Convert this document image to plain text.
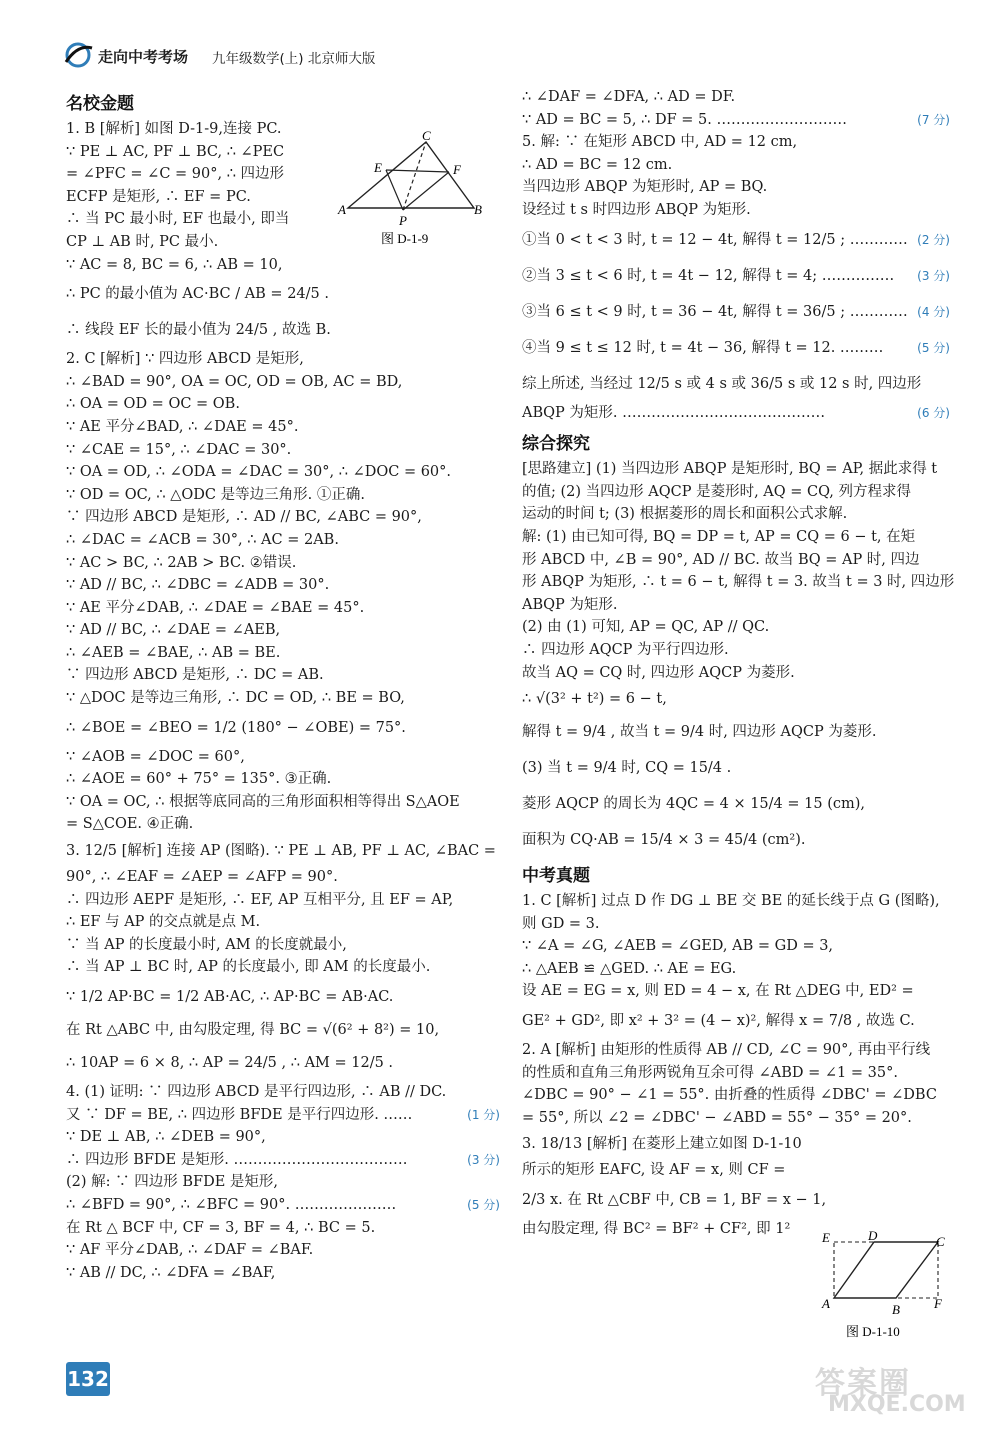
走向中考考场 九年级数学(上) 北京师大版
名校金题
1. B [解析] 如图 D-1-9,连接 PC.
∵ PE ⊥ AC, PF ⊥ BC, ∴ ∠PEC
= ∠PFC = ∠C = 90°, ∴ 四边形
ECFP 是矩形, ∴ EF = PC.
∴ 当 PC 最小时, EF 也最小, 即当
CP ⊥ AB 时, PC 最小.
∵ AC = 8, BC = 6, ∴ AB = 10,
∴ PC 的最小值为 AC·BC / AB = 24/5 .
∴ 线段 EF 长的最小值为 24/5 , 故选 B.
2. C [解析] ∵ 四边形 ABCD 是矩形,
∴ ∠BAD = 90°, OA = OC, OD = OB, AC = BD,
∴ OA = OD = OC = OB.
∵ AE 平分∠BAD, ∴ ∠DAE = 45°.
∵ ∠CAE = 15°, ∴ ∠DAC = 30°.
∵ OA = OD, ∴ ∠ODA = ∠DAC = 30°, ∴ ∠DOC = 60°.
∵ OD = OC, ∴ △ODC 是等边三角形. ①正确.
∵ 四边形 ABCD 是矩形, ∴ AD // BC, ∠ABC = 90°,
∴ ∠DAC = ∠ACB = 30°, ∴ AC = 2AB.
∵ AC > BC, ∴ 2AB > BC. ②错误.
∵ AD // BC, ∴ ∠DBC = ∠ADB = 30°.
∵ AE 平分∠DAB, ∴ ∠DAE = ∠BAE = 45°.
∵ AD // BC, ∴ ∠DAE = ∠AEB,
∴ ∠AEB = ∠BAE, ∴ AB = BE.
∵ 四边形 ABCD 是矩形, ∴ DC = AB.
∵ △DOC 是等边三角形, ∴ DC = OD, ∴ BE = BO,
∴ ∠BOE = ∠BEO = 1/2 (180° − ∠OBE) = 75°.
∵ ∠AOB = ∠DOC = 60°,
∴ ∠AOE = 60° + 75° = 135°. ③正确.
∵ OA = OC, ∴ 根据等底同高的三角形面积相等得出 S△AOE
= S△COE. ④正确.
3. 12/5 [解析] 连接 AP (图略). ∵ PE ⊥ AB, PF ⊥ AC, ∠BAC =
90°, ∴ ∠EAF = ∠AEP = ∠AFP = 90°.
∴ 四边形 AEPF 是矩形, ∴ EF, AP 互相平分, 且 EF = AP,
∴ EF 与 AP 的交点就是点 M.
∵ 当 AP 的长度最小时, AM 的长度就最小,
∴ 当 AP ⊥ BC 时, AP 的长度最小, 即 AM 的长度最小.
∵ 1/2 AP·BC = 1/2 AB·AC, ∴ AP·BC = AB·AC.
在 Rt △ABC 中, 由勾股定理, 得 BC = √(6² + 8²) = 10,
∴ 10AP = 6 × 8, ∴ AP = 24/5 , ∴ AM = 12/5 .
4. (1) 证明: ∵ 四边形 ABCD 是平行四边形, ∴ AB // DC.
又 ∵ DF = BE, ∴ 四边形 BFDE 是平行四边形. ……	(1 分)
∵ DE ⊥ AB, ∴ ∠DEB = 90°,
∴ 四边形 BFDE 是矩形. ………………………………	(3 分)
(2) 解: ∵ 四边形 BFDE 是矩形,
∴ ∠BFD = 90°, ∴ ∠BFC = 90°. …………………	(5 分)
在 Rt △ BCF 中, CF = 3, BF = 4, ∴ BC = 5.
∵ AF 平分∠DAB, ∴ ∠DAF = ∠BAF.
∵ AB // DC, ∴ ∠DFA = ∠BAF,
C
E	F
A
P
B
图 D-1-9
∴ ∠DAF = ∠DFA, ∴ AD = DF.
∵ AD = BC = 5, ∴ DF = 5. ………………………	(7 分)
5. 解: ∵ 在矩形 ABCD 中, AD = 12 cm,
∴ AD = BC = 12 cm.
当四边形 ABQP 为矩形时, AP = BQ.
设经过 t s 时四边形 ABQP 为矩形.
①当 0 < t < 3 时, t = 12 − 4t, 解得 t = 12/5 ; ………… (2 分)
②当 3 ≤ t < 6 时, t = 4t − 12, 解得 t = 4; …………… (3 分)
③当 6 ≤ t < 9 时, t = 36 − 4t, 解得 t = 36/5 ; ………… (4 分)
④当 9 ≤ t ≤ 12 时, t = 4t − 36, 解得 t = 12. ………	(5 分)
综上所述, 当经过 12/5 s 或 4 s 或 36/5 s 或 12 s 时, 四边形
ABQP 为矩形. ……………………………………	(6 分)
综合探究
[思路建立] (1) 当四边形 ABQP 是矩形时, BQ = AP, 据此求得 t
的值; (2) 当四边形 AQCP 是菱形时, AQ = CQ, 列方程求得
运动的时间 t; (3) 根据菱形的周长和面积公式求解.
解: (1) 由已知可得, BQ = DP = t, AP = CQ = 6 − t, 在矩
形 ABCD 中, ∠B = 90°, AD // BC. 故当 BQ = AP 时, 四边
形 ABQP 为矩形, ∴ t = 6 − t, 解得 t = 3. 故当 t = 3 时, 四边形
ABQP 为矩形.
(2) 由 (1) 可知, AP = QC, AP // QC.
∴ 四边形 AQCP 为平行四边形.
故当 AQ = CQ 时, 四边形 AQCP 为菱形.
∴ √(3² + t²) = 6 − t,
解得 t = 9/4 , 故当 t = 9/4 时, 四边形 AQCP 为菱形.
(3) 当 t = 9/4 时, CQ = 15/4 .
菱形 AQCP 的周长为 4QC = 4 × 15/4 = 15 (cm),
面积为 CQ·AB = 15/4 × 3 = 45/4 (cm²).
中考真题
1. C [解析] 过点 D 作 DG ⊥ BE 交 BE 的延长线于点 G (图略),
则 GD = 3.
∵ ∠A = ∠G, ∠AEB = ∠GED, AB = GD = 3,
∴ △AEB ≌ △GED. ∴ AE = EG.
设 AE = EG = x, 则 ED = 4 − x, 在 Rt △DEG 中, ED² =
GE² + GD², 即 x² + 3² = (4 − x)², 解得 x = 7/8 , 故选 C.
2. A [解析] 由矩形的性质得 AB // CD, ∠C = 90°, 再由平行线
的性质和直角三角形两锐角互余可得 ∠ABD = ∠1 = 35°.
∠DBC = 90° − ∠1 = 55°. 由折叠的性质得 ∠DBC' = ∠DBC
= 55°, 所以 ∠2 = ∠DBC' − ∠ABD = 55° − 35° = 20°.
3. 18/13 [解析] 在菱形上建立如图 D-1-10
所示的矩形 EAFC, 设 AF = x, 则 CF =
2/3 x. 在 Rt △CBF 中, CB = 1, BF = x − 1,
由勾股定理, 得 BC² = BF² + CF², 即 1²
E	D	C
A	B	F
图 D-1-10
132	答案圈
MXQE.COM
